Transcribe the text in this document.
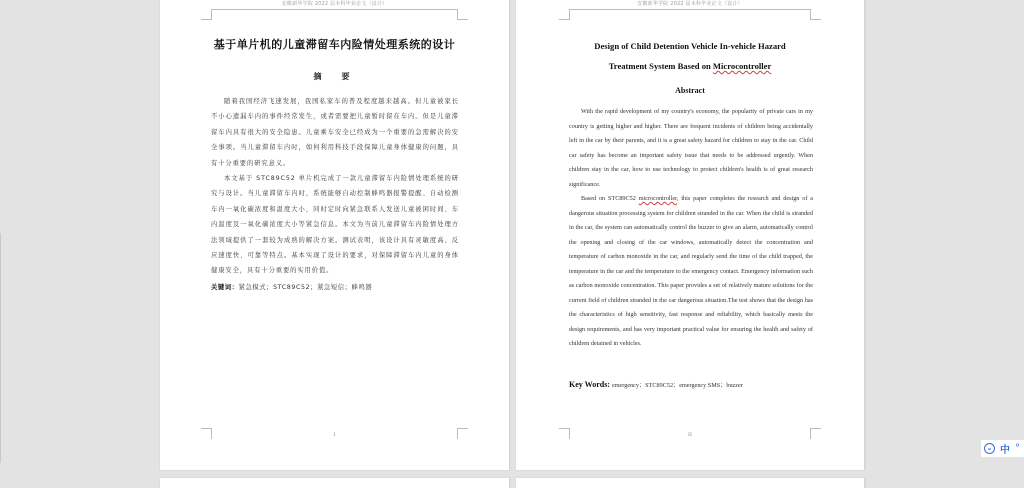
安徽新华学院 2022 届本科毕业论文（设计）
基于单片机的儿童滞留车内险情处理系统的设计
摘　要

随着我国经济飞速发展，我国私家车的普及程度越来越高。但儿童被家长不小心遗漏车内的事件经常发生，或者需要把儿童暂时留在车内。但是儿童滞留车内具有很大的安全隐患。儿童乘车安全已经成为一个重要的急需解决的安全事项。当儿童滞留车内时，如何利用科技手段保障儿童身体健康的问题，具有十分重要的研究意义。

本文基于 STC89C52 单片机完成了一款儿童滞留车内险情处理系统的研究与设计。当儿童滞留车内时，系统能够自动控制蜂鸣器报警提醒、自动检测车内一氧化碳浓度和温度大小，同时定时向紧急联系人发送儿童被困时间、车内温度及一氧化碳浓度大小等紧急信息。本文为当前儿童滞留车内险情处理方法领域提供了一套较为成熟的解决方案。测试表明，该设计具有灵敏度高、反应速度快、可靠等特点。基本实现了设计的要求，对保障滞留车内儿童的身体健康安全，具有十分重要的实用价值。

关键词：紧急模式；STC89C52；紧急短信；蜂鸣器
I
安徽新华学院 2022 届本科毕业论文（设计）
Design of Child Detention Vehicle In-vehicle Hazard
Treatment System Based on Microcontroller
Abstract

With the rapid development of my country's economy, the popularity of private cars in my country is getting higher and higher. There are frequent incidents of children being accidentally left in the car by their parents, and it is a great safety hazard for children to stay in the car. Child car safety has become an important safety issue that needs to be addressed urgently. When children stay in the car, how to use technology to protect children's health is of great research significance.

Based on STC89C52 microcontroller, this paper completes the research and design of a dangerous situation processing system for children stranded in the car. When the child is stranded in the car, the system can automatically control the buzzer to give an alarm, automatically control the opening and closing of the car windows, automatically detect the concentration and temperature of carbon monoxide in the car, and regularly send the time of the child trapped, the temperature in the car and the temperature to the emergency contact. Emergency information such as carbon monoxide concentration. This paper provides a set of relatively mature solutions for the current field of children stranded in the car dangerous situation.The test shows that the design has the characteristics of high sensitivity, fast response and reliability, which basically meets the design requirements, and has very important practical value for ensuring the health and safety of children detained in vehicles.

Key Words: emergency；STC89C52；emergency SMS；buzzer
II
AI 中 °
